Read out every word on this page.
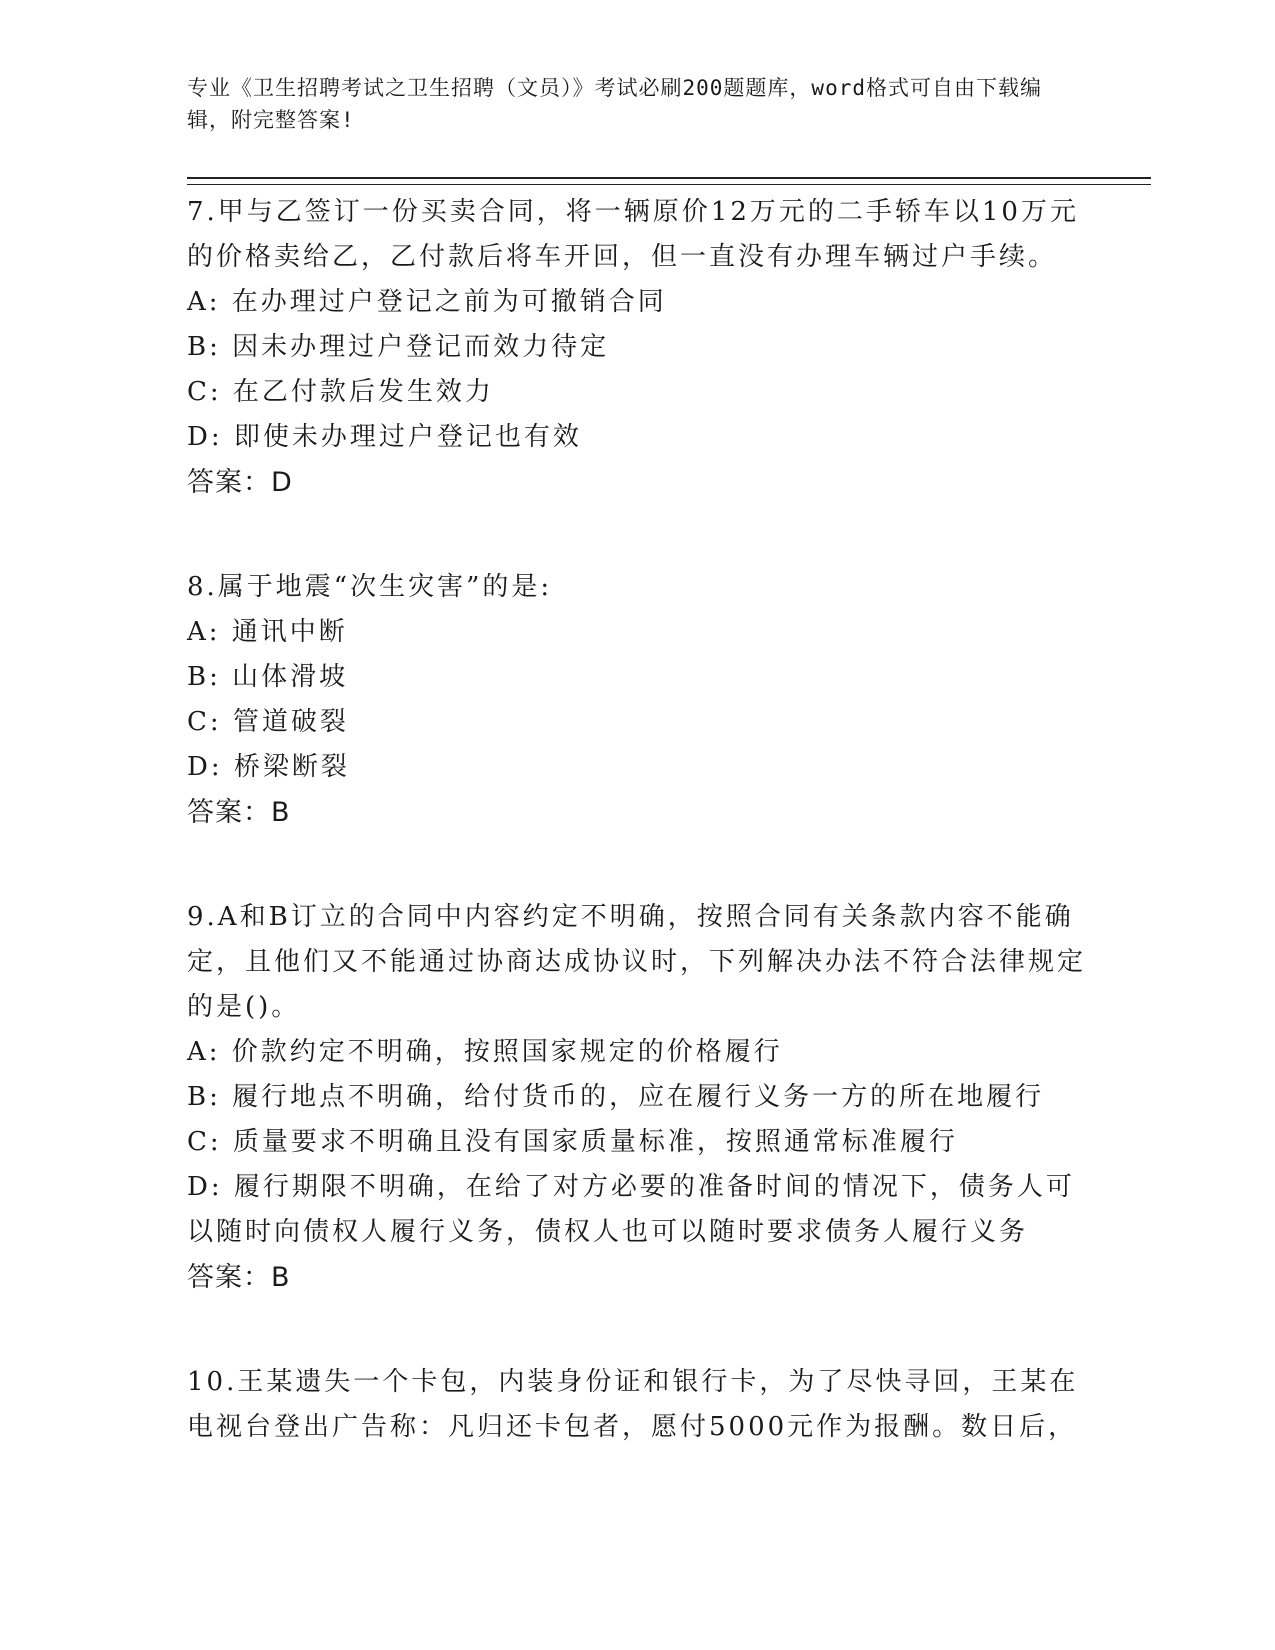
专业《卫生招聘考试之卫生招聘（文员）》考试必刷200题题库，word格式可自由下载编辑，附完整答案!
7.甲与乙签订一份买卖合同，将一辆原价12万元的二手轿车以10万元的价格卖给乙，乙付款后将车开回，但一直没有办理车辆过户手续。
A: 在办理过户登记之前为可撤销合同
B: 因未办理过户登记而效力待定
C: 在乙付款后发生效力
D: 即使未办理过户登记也有效
答案：D
8.属于地震“次生灾害”的是:
A: 通讯中断
B: 山体滑坡
C: 管道破裂
D: 桥梁断裂
答案：B
9.A和B订立的合同中内容约定不明确，按照合同有关条款内容不能确定，且他们又不能通过协商达成协议时，下列解决办法不符合法律规定的是()。
A: 价款约定不明确，按照国家规定的价格履行
B: 履行地点不明确，给付货币的，应在履行义务一方的所在地履行
C: 质量要求不明确且没有国家质量标准，按照通常标准履行
D: 履行期限不明确，在给了对方必要的准备时间的情况下，债务人可以随时向债权人履行义务，债权人也可以随时要求债务人履行义务
答案：B
10.王某遗失一个卡包，内装身份证和银行卡，为了尽快寻回，王某在电视台登出广告称：凡归还卡包者，愿付5000元作为报酬。数日后，
